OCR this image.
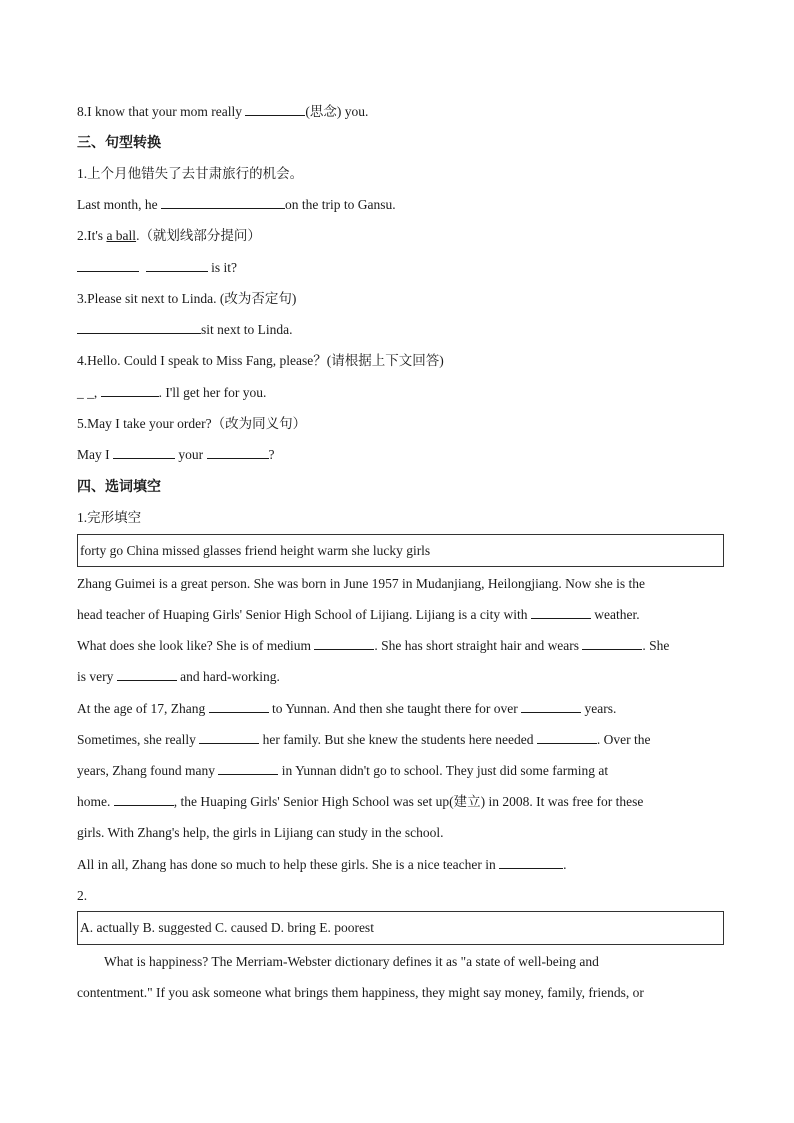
8.I know that your mom really	(思念) you.
三、句型转换
1.上个月他错失了去甘肃旅行的机会。
Last month, he	on the trip to Gansu.
2.It's a ball.（就划线部分提问）
is it?
3.Please sit next to Linda. (改为否定句)
sit next to Linda.
4.Hello. Could I speak to Miss Fang, please？(请根据上下文回答)
_ _,	. I'll get her for you.
5.May I take your order?（改为同义句）
May I	your	?
四、选词填空
1.完形填空
forty go China missed glasses friend height warm she lucky girls
Zhang Guimei is a great person. She was born in June 1957 in Mudanjiang, Heilongjiang. Now she is the
head teacher of Huaping Girls' Senior High School of Lijiang. Lijiang is a city with	weather.
What does she look like? She is of medium	. She has short straight hair and wears	. She
is very	and hard-working.
At the age of 17, Zhang	to Yunnan. And then she taught there for over	years.
Sometimes, she really	her family. But she knew the students here needed	. Over the
years, Zhang found many	in Yunnan didn't go to school. They just did some farming at
home.	, the Huaping Girls' Senior High School was set up(建立) in 2008. It was free for these
girls. With Zhang's help, the girls in Lijiang can study in the school.
All in all, Zhang has done so much to help these girls. She is a nice teacher in	.
2.
A. actually B. suggested C. caused D. bring E. poorest
What is happiness? The Merriam-Webster dictionary defines it as "a state of well-being and
contentment." If you ask someone what brings them happiness, they might say money, family, friends, or
